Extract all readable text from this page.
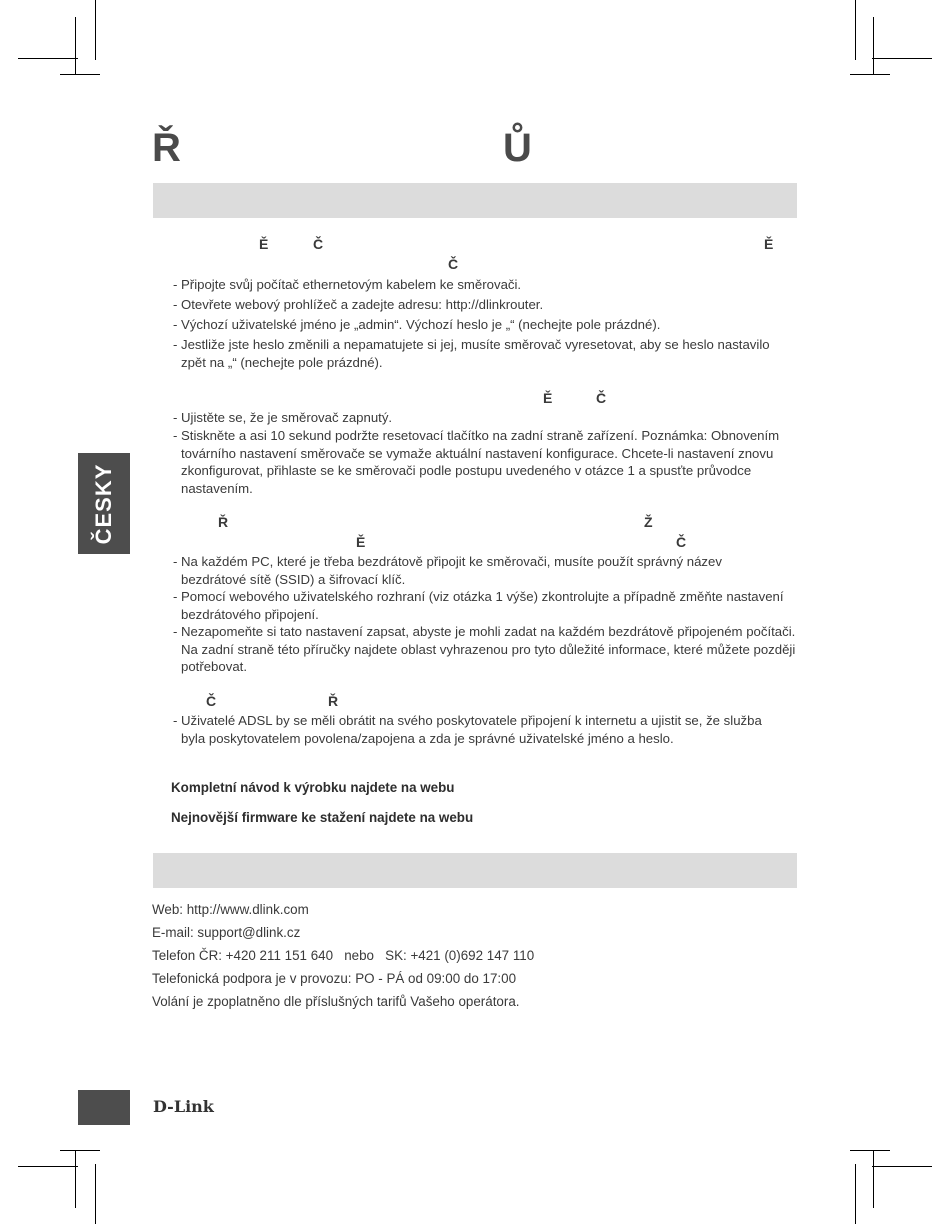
Ř	Ů
ČESKY
Ě	Č	Ě
Č
- Připojte svůj počítač ethernetovým kabelem ke směrovači.
- Otevřete webový prohlížeč a zadejte adresu: http://dlinkrouter.
- Výchozí uživatelské jméno je „admin“. Výchozí heslo je „“ (nechejte pole prázdné).
- Jestliže jste heslo změnili a nepamatujete si jej, musíte směrovač vyresetovat, aby se heslo nastavilo zpět na „“ (nechejte pole prázdné).
Ě	Č
- Ujistěte se, že je směrovač zapnutý.
- Stiskněte a asi 10 sekund podržte resetovací tlačítko na zadní straně zařízení. Poznámka: Obnovením továrního nastavení směrovače se vymaže aktuální nastavení konfigurace. Chcete-li nastavení znovu zkonfigurovat, přihlaste se ke směrovači podle postupu uvedeného v otázce 1 a spusťte průvodce nastavením.
Ř	Ž
Ě	Č
- Na každém PC, které je třeba bezdrátově připojit ke směrovači, musíte použít správný název bezdrátové sítě (SSID) a šifrovací klíč.
- Pomocí webového uživatelského rozhraní (viz otázka 1 výše) zkontrolujte a případně změňte nastavení bezdrátového připojení.
- Nezapomeňte si tato nastavení zapsat, abyste je mohli zadat na každém bezdrátově připojeném počítači. Na zadní straně této příručky najdete oblast vyhrazenou pro tyto důležité informace, které můžete později potřebovat.
Č	Ř
- Uživatelé ADSL by se měli obrátit na svého poskytovatele připojení k internetu a ujistit se, že služba byla poskytovatelem povolena/zapojena a zda je správné uživatelské jméno a heslo.
Kompletní návod k výrobku najdete na webu
Nejnovější firmware ke stažení najdete na webu
Web: http://www.dlink.com
E-mail: support@dlink.cz
Telefon ČR: +420 211 151 640   nebo   SK: +421 (0)692 147 110
Telefonická podpora je v provozu: PO - PÁ od 09:00 do 17:00
Volání je zpoplatněno dle příslušných tarifů Vašeho operátora.
D-Link
